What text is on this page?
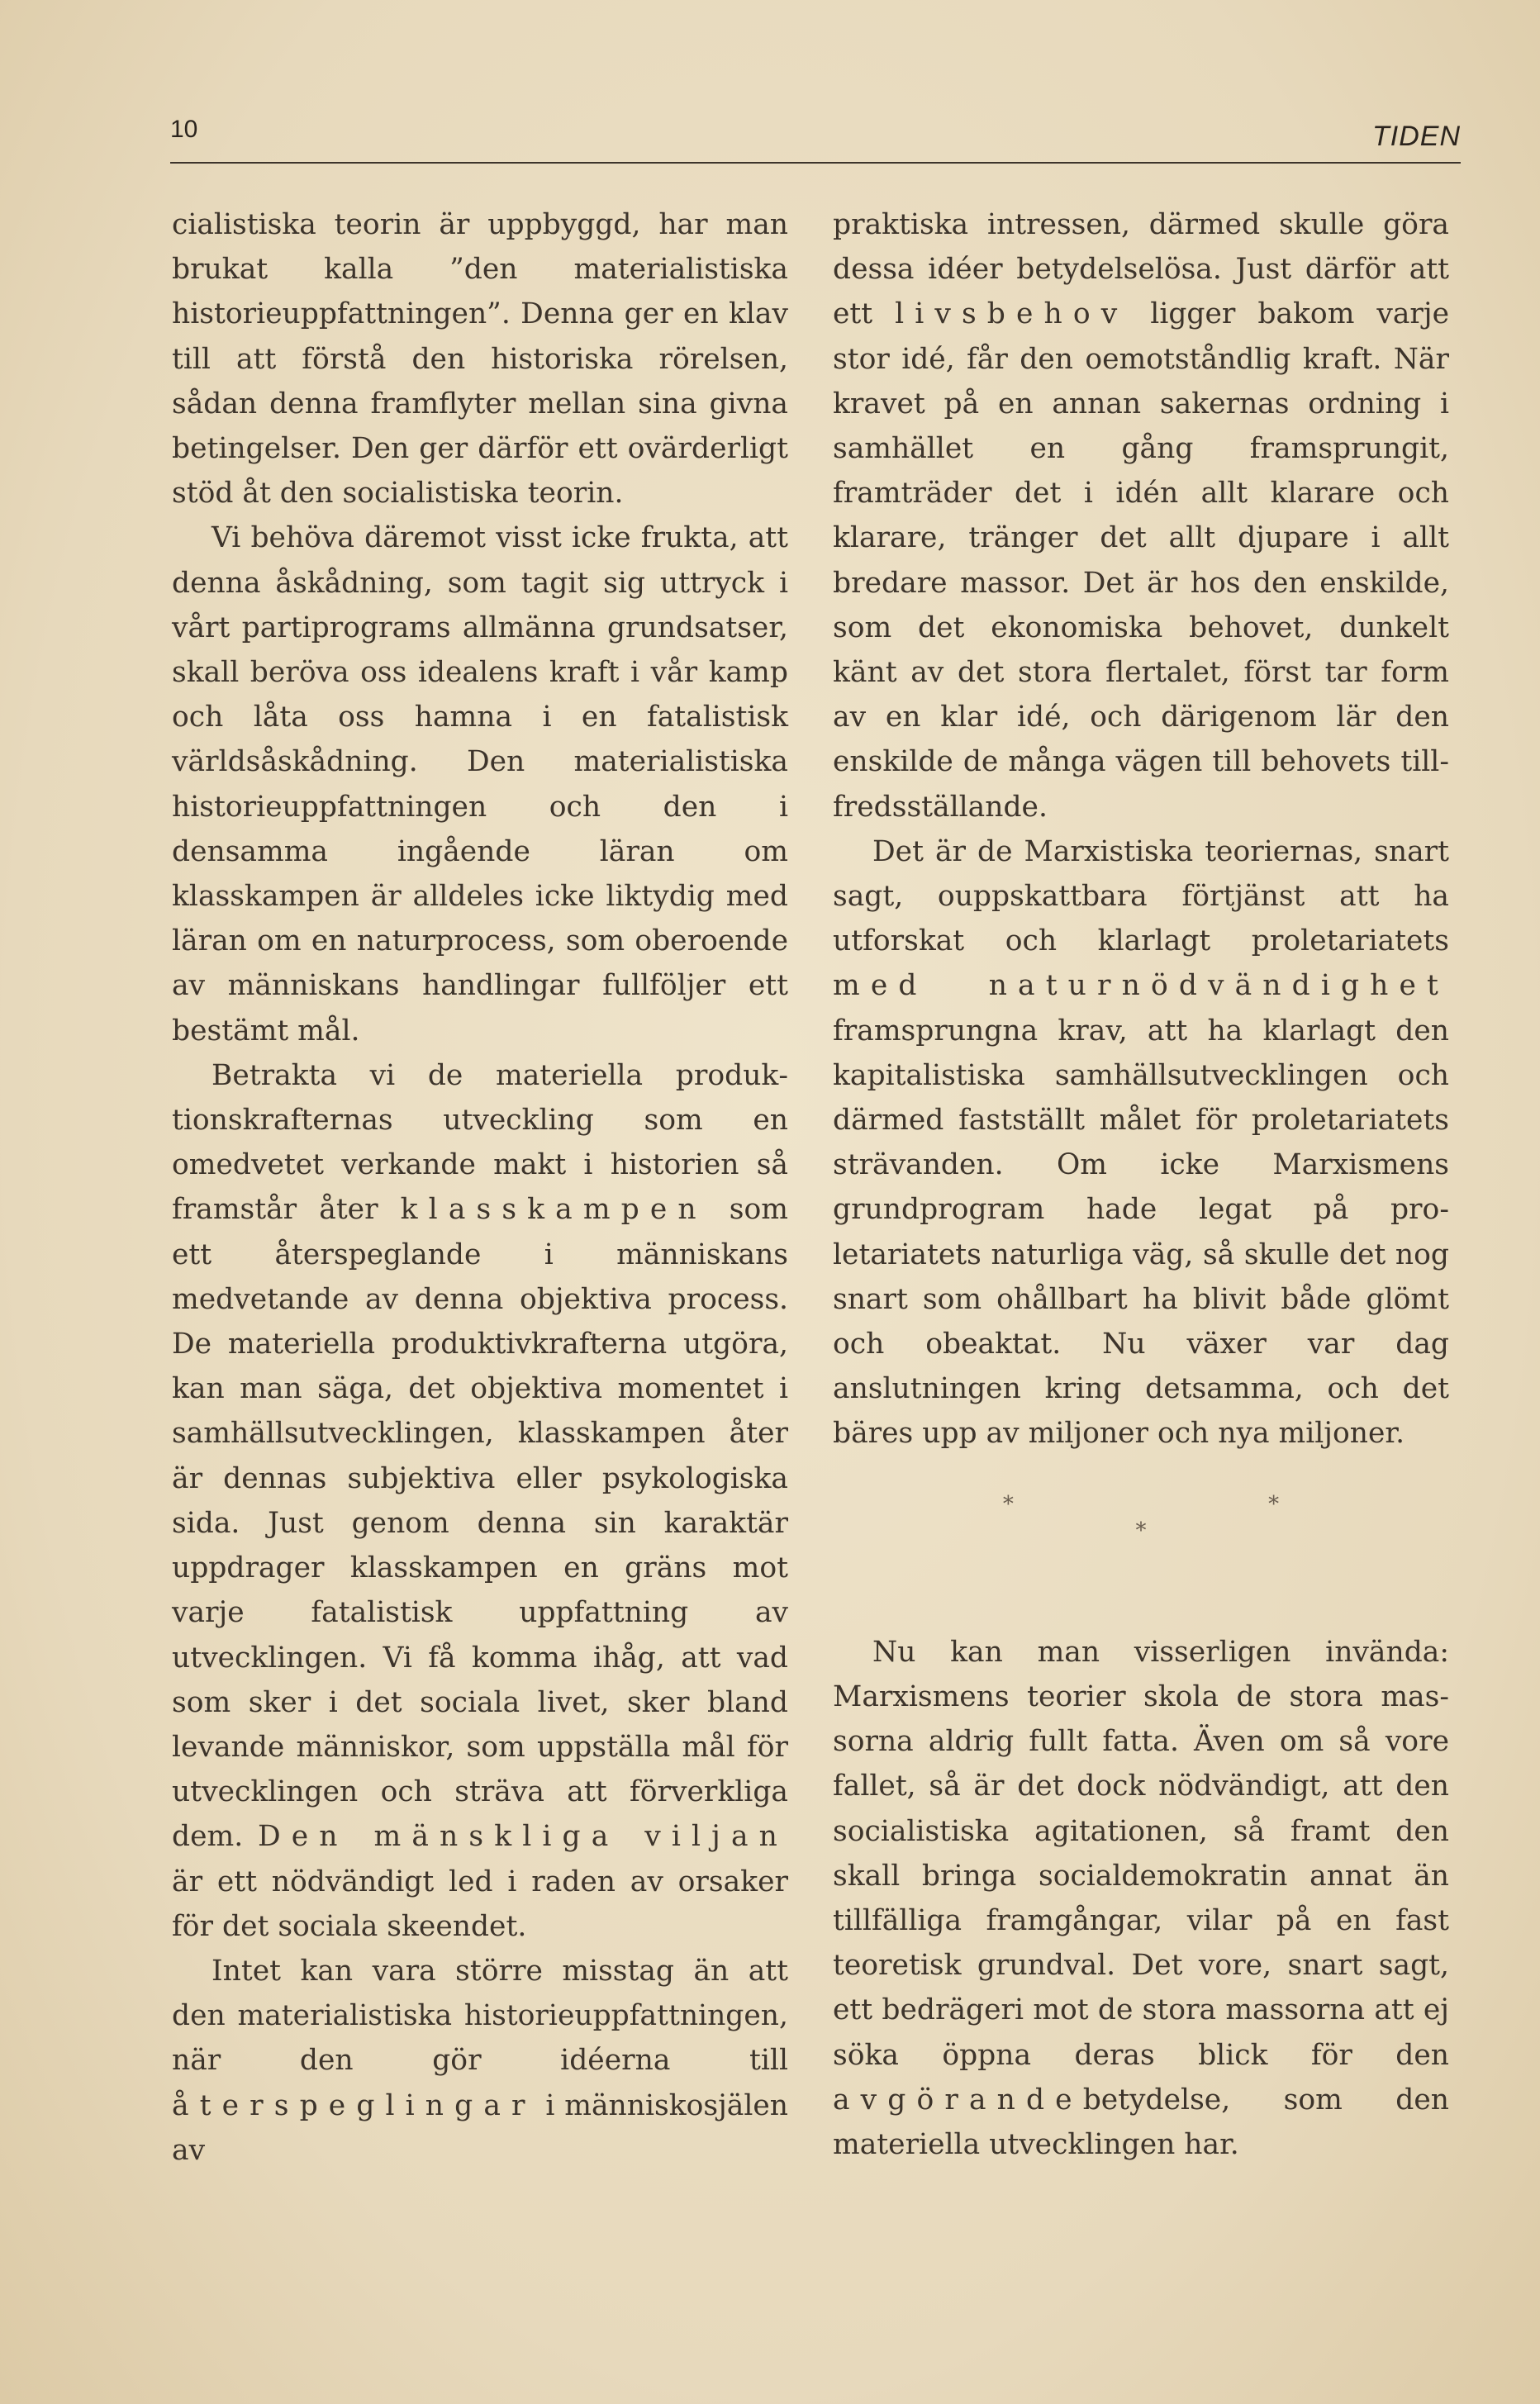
10	TIDEN

cialistiska teorin är uppbyggd, har man brukat kalla ”den materialistiska historieuppfattningen”. Denna ger en klav till att förstå den historiska rörelsen, sådan denna framflyter mellan sina givna betingelser. Den ger därför ett ovärderligt stöd åt den socialistiska teorin.

Vi behöva däremot visst icke frukta, att denna åskådning, som tagit sig uttryck i vårt partiprograms allmänna grundsatser, skall beröva oss idealens kraft i vår kamp och låta oss hamna i en fatalistisk världsåskådning. Den materialistiska historieuppfattningen och den i densamma ingående läran om klasskampen är alldeles icke liktydig med läran om en naturprocess, som oberoende av människans handlingar fullföljer ett bestämt mål.

Betrakta vi de materiella produktionskrafternas utveckling som en omedvetet verkande makt i historien så framstår åter klasskampen som ett återspeglande i människans medvetande av denna objektiva process. De materiella produktivkrafterna utgöra, kan man säga, det objektiva momentet i samhällsutvecklingen, klasskampen åter är dennas subjektiva eller psykologiska sida. Just genom denna sin karaktär uppdrager klasskampen en gräns mot varje fatalistisk uppfattning av utvecklingen. Vi få komma ihåg, att vad som sker i det sociala livet, sker bland levande människor, som uppställa mål för utvecklingen och sträva att förverkliga dem. Den mänskliga viljan är ett nödvändigt led i raden av orsaker för det sociala skeendet.

Intet kan vara större misstag än att den materialistiska historieuppfattningen, när den gör idéerna till återspeglingar i människosjälen av

praktiska intressen, därmed skulle göra dessa idéer betydelselösa. Just därför att ett livsbehov ligger bakom varje stor idé, får den oemotståndlig kraft. När kravet på en annan sakernas ordning i samhället en gång framsprungit, framträder det i idén allt klarare och klarare, tränger det allt djupare i allt bredare massor. Det är hos den enskilde, som det ekonomiska behovet, dunkelt känt av det stora flertalet, först tar form av en klar idé, och därigenom lär den enskilde de många vägen till behovets tillfredsställande.

Det är de Marxistiska teoriernas, snart sagt, ouppskattbara förtjänst att ha utforskat och klarlagt proletariatets med naturnödvändighet framsprungna krav, att ha klarlagt den kapitalistiska samhällsutvecklingen och därmed fastställt målet för proletariatets strävanden. Om icke Marxismens grundprogram hade legat på proletariatets naturliga väg, så skulle det nog snart som ohållbart ha blivit både glömt och obeaktat. Nu växer var dag anslutningen kring detsamma, och det bäres upp av miljoner och nya miljoner.

* *
*

Nu kan man visserligen invända: Marxismens teorier skola de stora massorna aldrig fullt fatta. Även om så vore fallet, så är det dock nödvändigt, att den socialistiska agitationen, så framt den skall bringa socialdemokratin annat än tillfälliga framgångar, vilar på en fast teoretisk grundval. Det vore, snart sagt, ett bedrägeri mot de stora massorna att ej söka öppna deras blick för den avgörandebetydelse, som den materiella utvecklingen har.
